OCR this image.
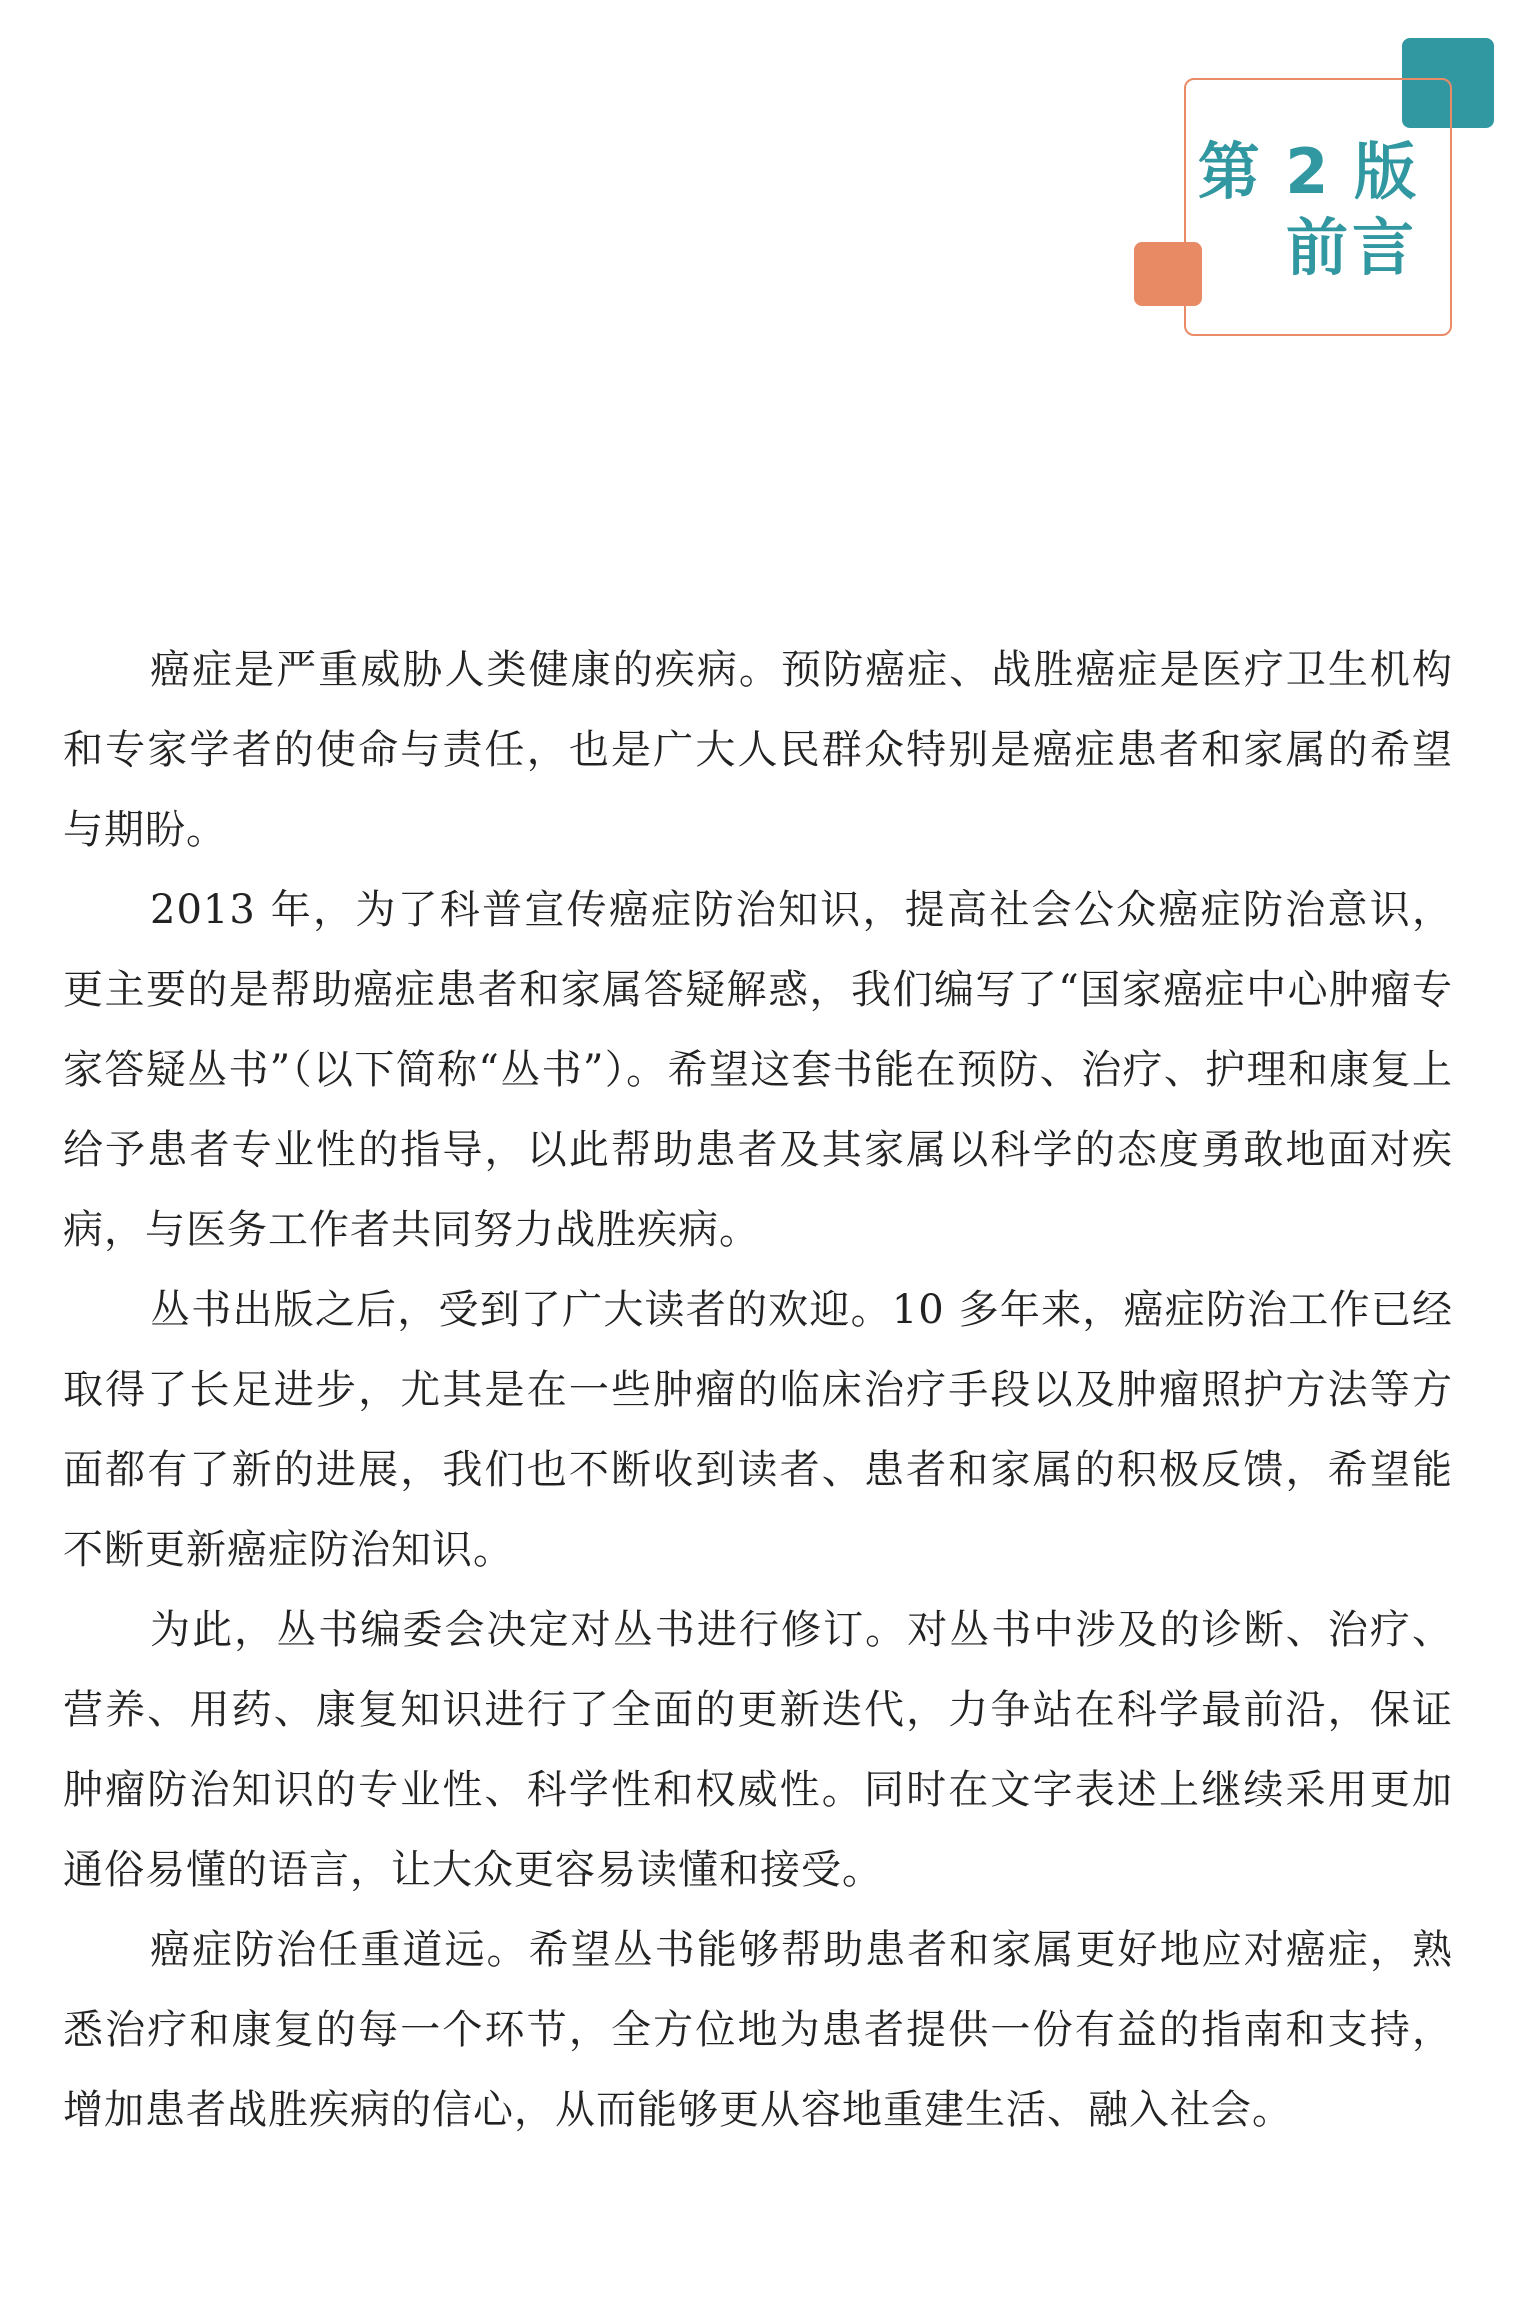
第 2 版
前言

癌症是严重威胁人类健康的疾病。预防癌症、战胜癌症是医疗卫生机构和专家学者的使命与责任，也是广大人民群众特别是癌症患者和家属的希望与期盼。

2013 年，为了科普宣传癌症防治知识，提高社会公众癌症防治意识，更主要的是帮助癌症患者和家属答疑解惑，我们编写了“国家癌症中心肿瘤专家答疑丛书”（以下简称“丛书”）。希望这套书能在预防、治疗、护理和康复上给予患者专业性的指导，以此帮助患者及其家属以科学的态度勇敢地面对疾病，与医务工作者共同努力战胜疾病。

丛书出版之后，受到了广大读者的欢迎。10 多年来，癌症防治工作已经取得了长足进步，尤其是在一些肿瘤的临床治疗手段以及肿瘤照护方法等方面都有了新的进展，我们也不断收到读者、患者和家属的积极反馈，希望能不断更新癌症防治知识。

为此，丛书编委会决定对丛书进行修订。对丛书中涉及的诊断、治疗、营养、用药、康复知识进行了全面的更新迭代，力争站在科学最前沿，保证肿瘤防治知识的专业性、科学性和权威性。同时在文字表述上继续采用更加通俗易懂的语言，让大众更容易读懂和接受。

癌症防治任重道远。希望丛书能够帮助患者和家属更好地应对癌症，熟悉治疗和康复的每一个环节，全方位地为患者提供一份有益的指南和支持，增加患者战胜疾病的信心，从而能够更从容地重建生活、融入社会。
